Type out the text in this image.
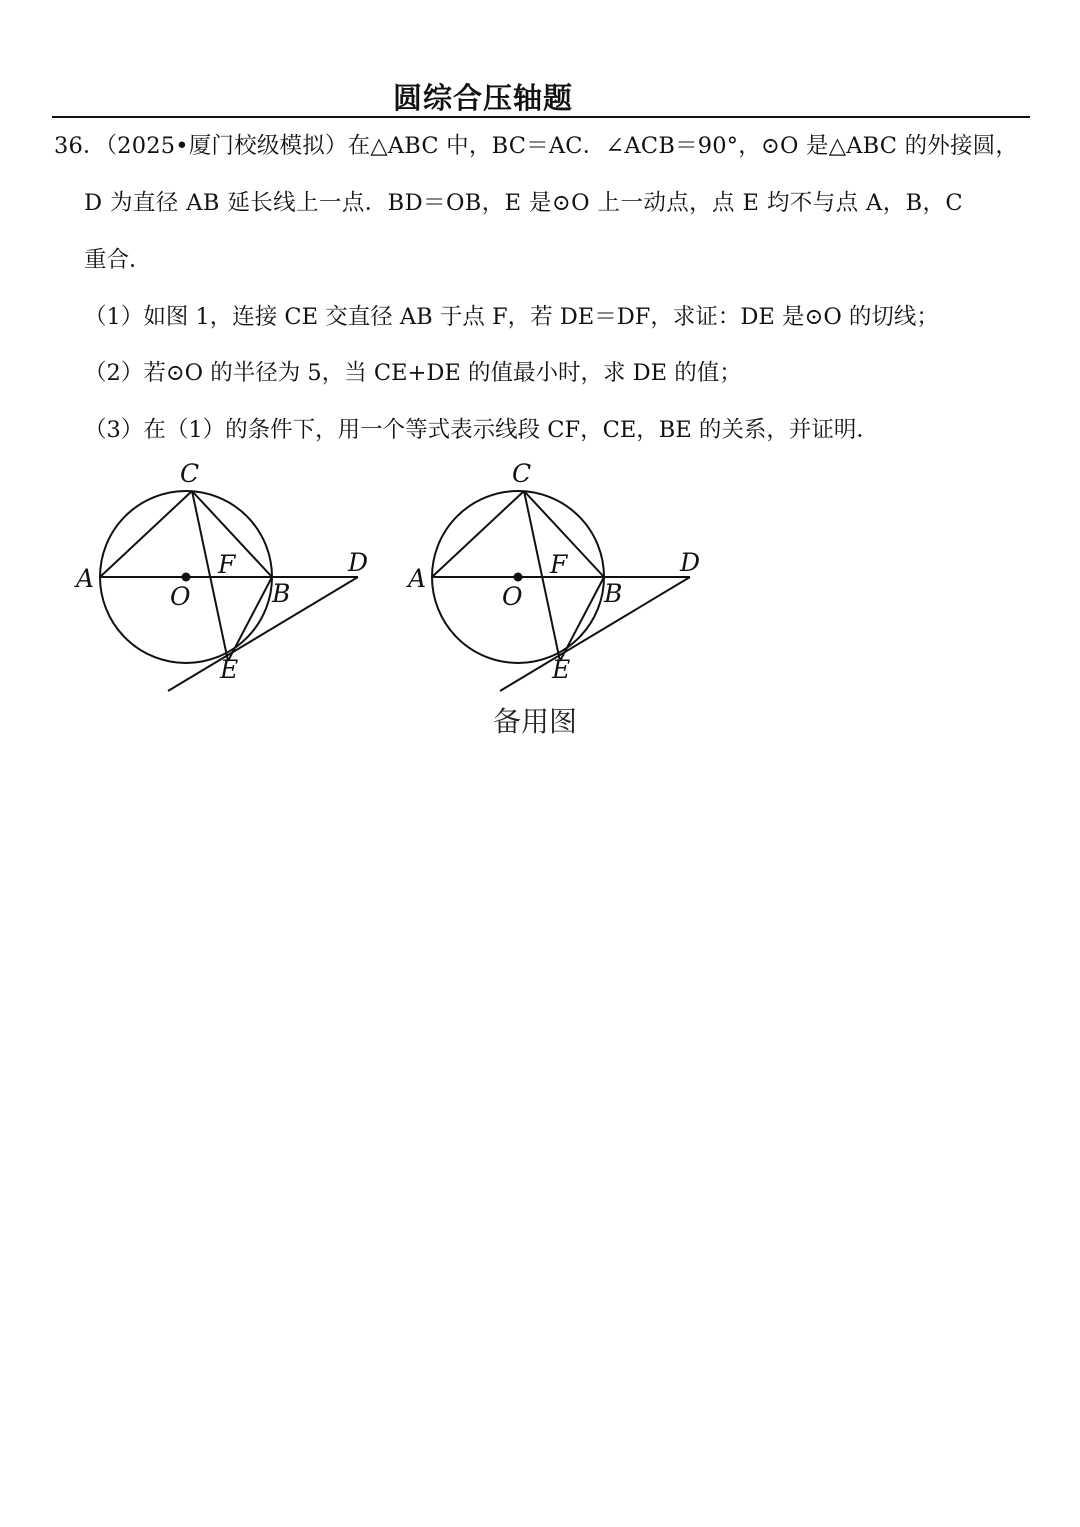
圆综合压轴题
36．（2025•厦门校级模拟）在△ABC 中，BC＝AC．∠ACB＝90°，⊙O 是△ABC 的外接圆，
D 为直径 AB 延长线上一点．BD＝OB，E 是⊙O 上一动点，点 E 均不与点 A，B，C
重合．
（1）如图 1，连接 CE 交直径 AB 于点 F，若 DE＝DF，求证：DE 是⊙O 的切线；
（2）若⊙O 的半径为 5，当 CE+DE 的值最小时，求 DE 的值；
（3）在（1）的条件下，用一个等式表示线段 CF，CE，BE 的关系，并证明．
A
C
F
O	B
D
E
A
C
F
O	B
D
E
备用图
